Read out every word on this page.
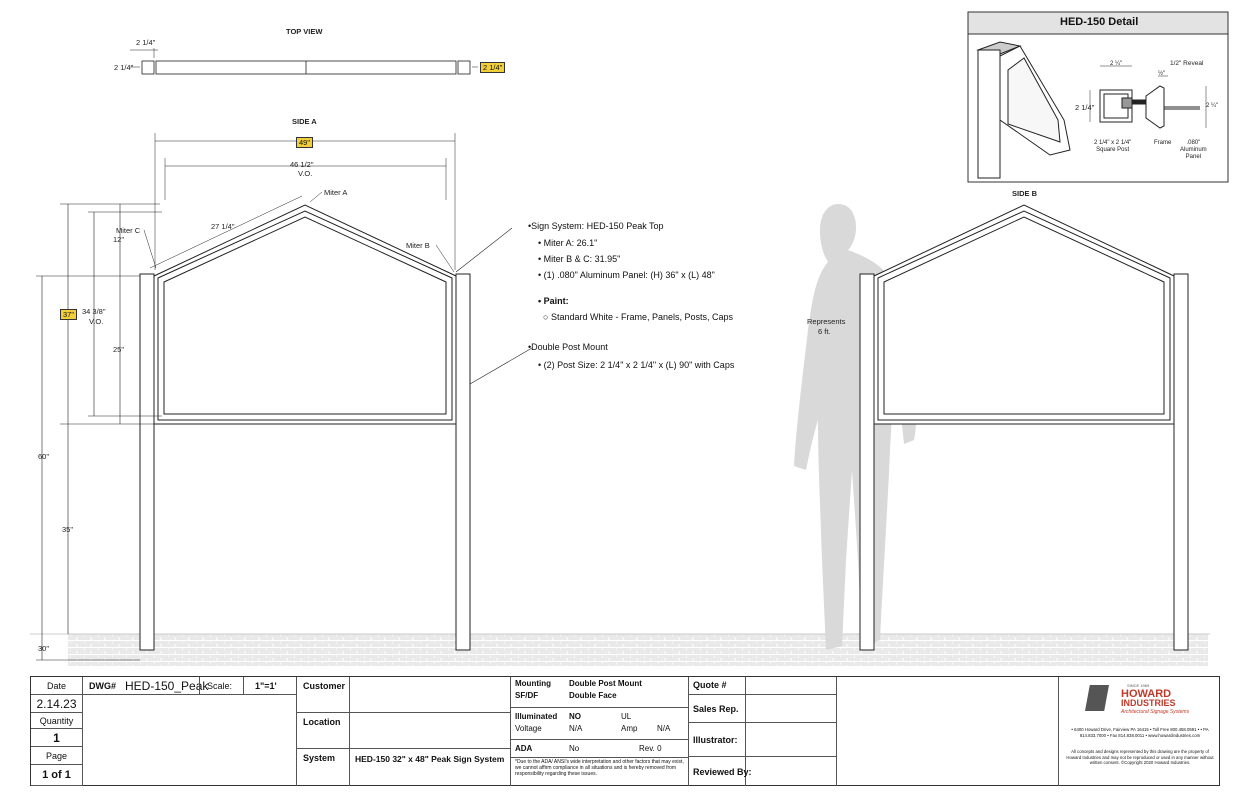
TOP VIEW
2 1/4"
2 1/4"	2 1/4"
SIDE A
49"
46 1/2"
V.O.
Miter A
Miter B
Miter C	27 1/4"
12"
37"	34 3/8"
V.O.
25"
60"
35"
30"
SIDE B
Represents
6 ft.
HED-150 Detail
2 ¼"
½"
1/2" Reveal
2 1/4"	2 ¼"
2 1/4" x 2 1/4"
Square Post
Frame	.080"
Aluminum
Panel
•Sign System: HED-150 Peak Top
• Miter A: 26.1"
• Miter B & C: 31.95"
• (1) .080" Aluminum Panel: (H) 36" x (L) 48"
• Paint:
○ Standard White - Frame, Panels, Posts, Caps
•Double Post Mount
• (2) Post Size: 2 1/4" x 2 1/4" x (L) 90" with Caps
Date
2.14.23
Quantity
1
Page
1 of 1
DWG# HED-150_Peak
Scale:	1"=1'	Customer
Location
System HED-150 32" x 48" Peak Sign System
Mounting Double Post Mount
SF/DF	Double Face
Illuminated NO	UL
Voltage	N/A	Amp N/A
ADA	No	Rev. 0
*Due to the ADA/ ANSI's wide interpretation and other factors that may exist, we cannot affirm compliance in all situations and is hereby removed from responsibility regarding these issues.
Quote #
Sales Rep.
Illustrator:
Reviewed By:
SINCE 1969
HOWARD
INDUSTRIES
Architectural Signage Systems
• 6400 Howard Drive, Fairview PA 16415 • Toll Free 800.458.0591 • • PA 814.833.7000 • Fax 814.838.0011 • www.howardindustries.com
All concepts and designs represented by this drawing are the property of Howard Industries and may not be reproduced or used in any manner without written consent. ©Copyright 2020 Howard Industries.
